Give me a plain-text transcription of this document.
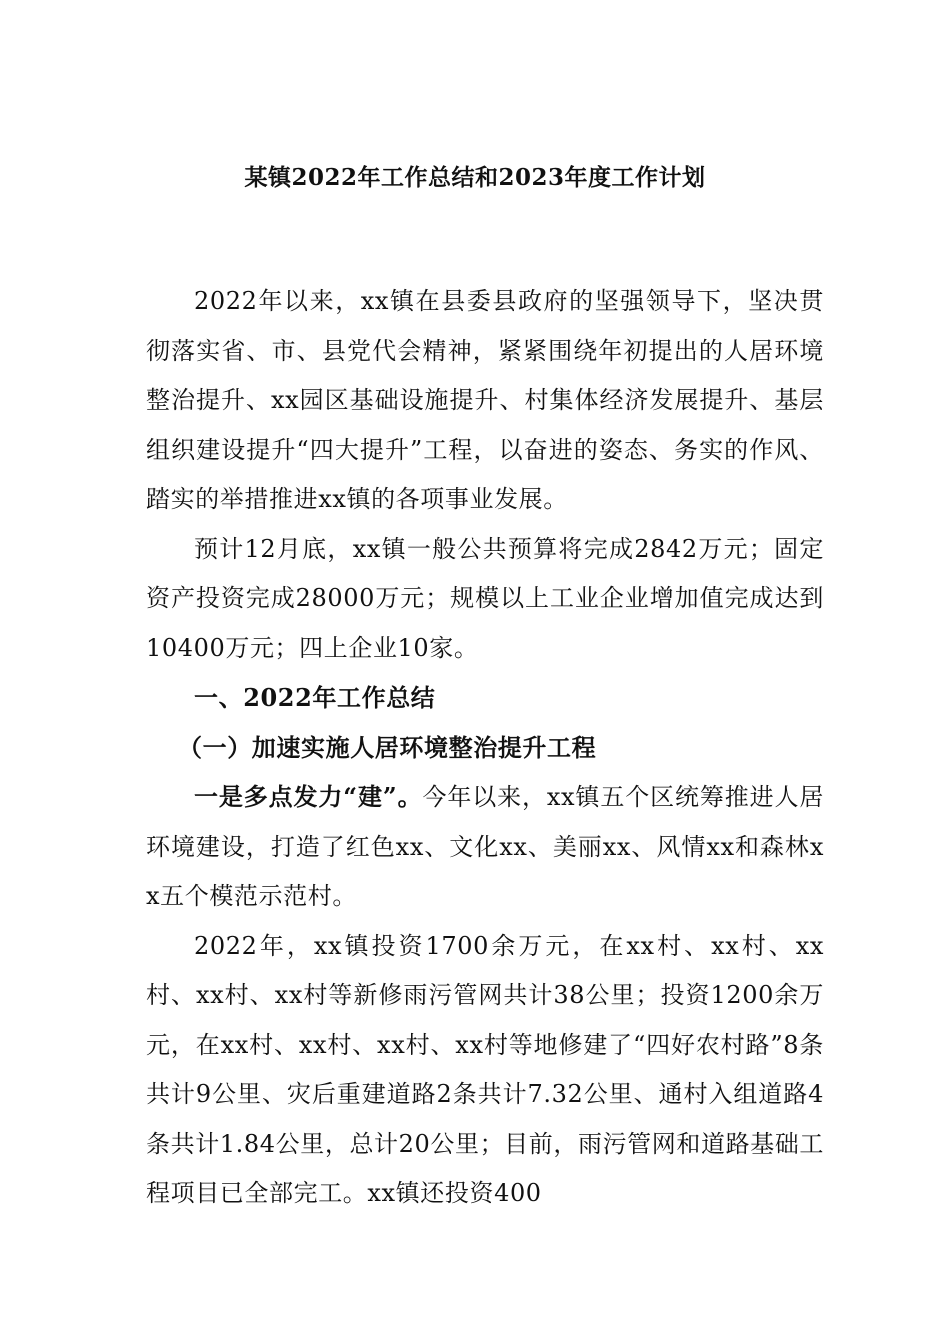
某镇2022年工作总结和2023年度工作计划

2022年以来，xx镇在县委县政府的坚强领导下，坚决贯彻落实省、市、县党代会精神，紧紧围绕年初提出的人居环境整治提升、xx园区基础设施提升、村集体经济发展提升、基层组织建设提升“四大提升”工程，以奋进的姿态、务实的作风、踏实的举措推进xx镇的各项事业发展。

预计12月底，xx镇一般公共预算将完成2842万元；固定资产投资完成28000万元；规模以上工业企业增加值完成达到10400万元；四上企业10家。

一、2022年工作总结

（一）加速实施人居环境整治提升工程

一是多点发力“建”。今年以来，xx镇五个区统筹推进人居环境建设，打造了红色xx、文化xx、美丽xx、风情xx和森林xx五个模范示范村。

2022年，xx镇投资1700余万元，在xx村、xx村、xx村、xx村、xx村等新修雨污管网共计38公里；投资1200余万元，在xx村、xx村、xx村、xx村等地修建了“四好农村路”8条共计9公里、灾后重建道路2条共计7.32公里、通村入组道路4条共计1.84公里，总计20公里；目前，雨污管网和道路基础工程项目已全部完工。xx镇还投资400
